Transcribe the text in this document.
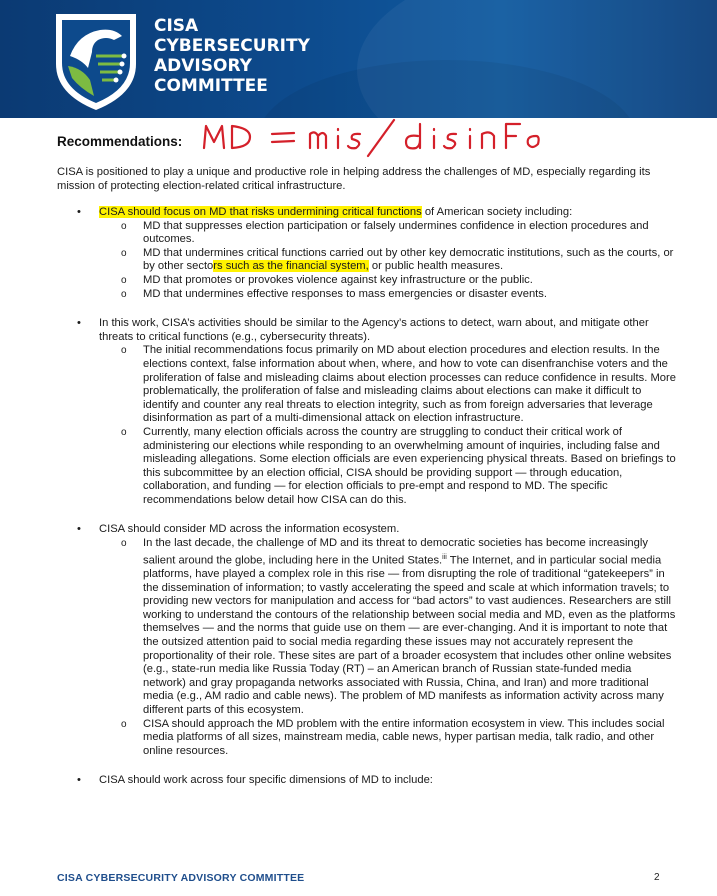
CISA
CYBERSECURITY
ADVISORY
COMMITTEE
Recommendations:
CISA is positioned to play a unique and productive role in helping address the challenges of MD, especially regarding its mission of protecting election-related critical infrastructure.
• CISA should focus on MD that risks undermining critical functions of American society including:
o MD that suppresses election participation or falsely undermines confidence in election procedures and outcomes.
o MD that undermines critical functions carried out by other key democratic institutions, such as the courts, or by other sectors such as the financial system, or public health measures.
o MD that promotes or provokes violence against key infrastructure or the public.
o MD that undermines effective responses to mass emergencies or disaster events.
• In this work, CISA’s activities should be similar to the Agency’s actions to detect, warn about, and mitigate other threats to critical functions (e.g., cybersecurity threats).
o The initial recommendations focus primarily on MD about election procedures and election results. In the elections context, false information about when, where, and how to vote can disenfranchise voters and the proliferation of false and misleading claims about election processes can reduce confidence in results. More problematically, the proliferation of false and misleading claims about elections can make it difficult to identify and counter any real threats to election integrity, such as from foreign adversaries that leverage disinformation as part of a multi-dimensional attack on election infrastructure.
o Currently, many election officials across the country are struggling to conduct their critical work of administering our elections while responding to an overwhelming amount of inquiries, including false and misleading allegations. Some election officials are even experiencing physical threats. Based on briefings to this subcommittee by an election official, CISA should be providing support — through education, collaboration, and funding — for election officials to pre-empt and respond to MD. The specific recommendations below detail how CISA can do this.
• CISA should consider MD across the information ecosystem.
o In the last decade, the challenge of MD and its threat to democratic societies has become increasingly salient around the globe, including here in the United States.$^{iii}$ The Internet, and in particular social media platforms, have played a complex role in this rise — from disrupting the role of traditional “gatekeepers” in the dissemination of information; to vastly accelerating the speed and scale at which information travels; to providing new vectors for manipulation and access for “bad actors” to vast audiences. Researchers are still working to understand the contours of the relationship between social media and MD, even as the platforms themselves — and the norms that guide use on them — are ever-changing. And it is important to note that the outsized attention paid to social media regarding these issues may not accurately represent the proportionality of their role. These sites are part of a broader ecosystem that includes other online websites (e.g., state-run media like Russia Today (RT) – an American branch of Russian state-funded media network) and gray propaganda networks associated with Russia, China, and Iran) and more traditional media (e.g., AM radio and cable news). The problem of MD manifests as information activity across many different parts of this ecosystem.
o CISA should approach the MD problem with the entire information ecosystem in view. This includes social media platforms of all sizes, mainstream media, cable news, hyper partisan media, talk radio, and other online resources.
• CISA should work across four specific dimensions of MD to include:
CISA CYBERSECURITY ADVISORY COMMITTEE	2
